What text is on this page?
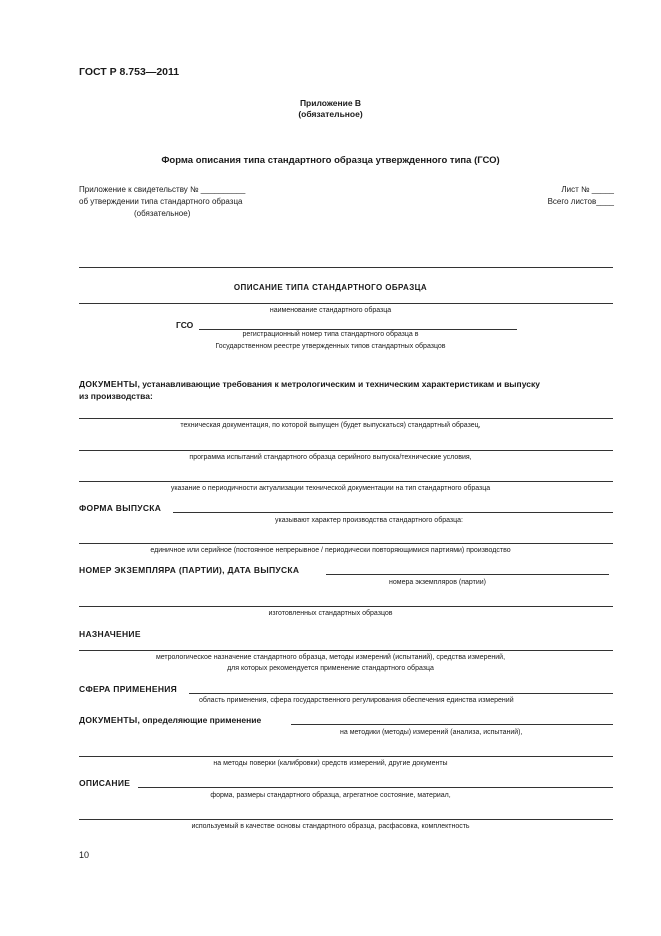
ГОСТ Р 8.753—2011
Приложение В
(обязательное)
Форма описания типа стандартного образца утвержденного типа (ГСО)
Приложение к свидетельству № __________
об утверждении типа стандартного образца
(обязательное)
Лист № _____
Всего листов____
ОПИСАНИЕ ТИПА СТАНДАРТНОГО ОБРАЗЦА
наименование стандартного образца
ГСО
регистрационный номер типа стандартного образца в
Государственном реестре утвержденных типов стандартных образцов
ДОКУМЕНТЫ, устанавливающие требования к метрологическим и техническим характеристикам и выпуску
из производства:
техническая документация, по которой выпущен (будет выпускаться) стандартный образец,
программа испытаний стандартного образца серийного выпуска/технические условия,
указание о периодичности актуализации технической документации на тип стандартного образца
ФОРМА ВЫПУСКА
указывают характер производства стандартного образца:
единичное или серийное (постоянное непрерывное / периодически повторяющимися партиями) производство
НОМЕР ЭКЗЕМПЛЯРА (ПАРТИИ), ДАТА ВЫПУСКА
номера экземпляров (партии)
изготовленных стандартных образцов
НАЗНАЧЕНИЕ
метрологическое назначение стандартного образца, методы измерений (испытаний), средства измерений,
для которых рекомендуется применение стандартного образца
СФЕРА ПРИМЕНЕНИЯ
область применения, сфера государственного регулирования обеспечения единства измерений
ДОКУМЕНТЫ, определяющие применение
на методики (методы) измерений (анализа, испытаний),
на методы поверки (калибровки) средств измерений, другие документы
ОПИСАНИЕ
форма, размеры стандартного образца, агрегатное состояние, материал,
используемый в качестве основы стандартного образца, расфасовка, комплектность
10
